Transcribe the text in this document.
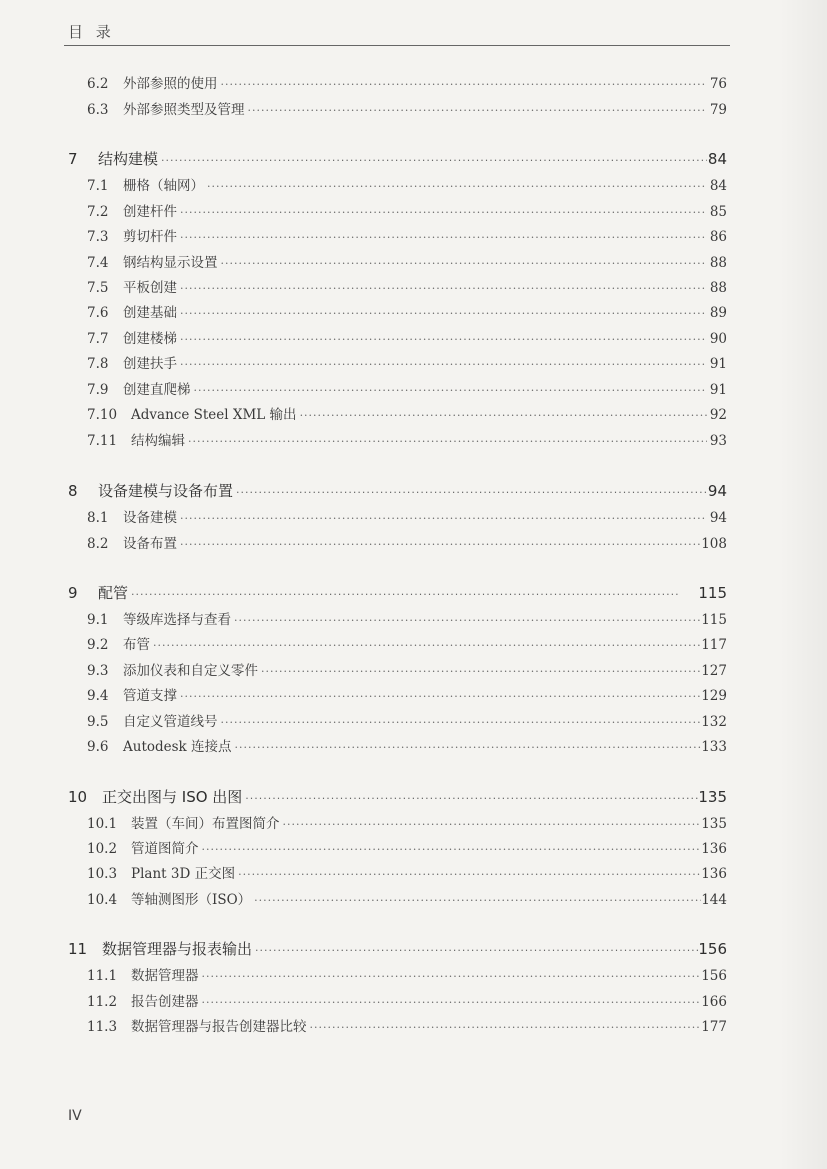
目 录
6.2	外部参照的使用 ·····	76
6.3	外部参照类型及管理 ·····	79
7	结构建模 ·····	84
7.1	栅格（轴网） ·····	84
7.2	创建杆件 ·····	85
7.3	剪切杆件 ·····	86
7.4	钢结构显示设置 ·····	88
7.5	平板创建 ·····	88
7.6	创建基础 ·····	89
7.7	创建楼梯 ·····	90
7.8	创建扶手 ·····	91
7.9	创建直爬梯 ·····	91
7.10	Advance Steel XML 输出 ·····	92
7.11	结构编辑 ·····	93
8	设备建模与设备布置 ·····	94
8.1	设备建模 ·····	94
8.2	设备布置 ·····	108
9	配管 ·····	115
9.1	等级库选择与查看 ·····	115
9.2	布管 ·····	117
9.3	添加仪表和自定义零件 ·····	127
9.4	管道支撑 ·····	129
9.5	自定义管道线号 ·····	132
9.6	Autodesk 连接点 ·····	133
10 正交出图与 ISO 出图 ·····	135
10.1	装置（车间）布置图简介 ·····	135
10.2	管道图简介 ·····	136
10.3	Plant 3D 正交图 ·····	136
10.4	等轴测图形（ISO） ·····	144
11 数据管理器与报表输出 ·····	156
11.1	数据管理器 ·····	156
11.2	报告创建器 ·····	166
11.3	数据管理器与报告创建器比较 ·····	177
IV
